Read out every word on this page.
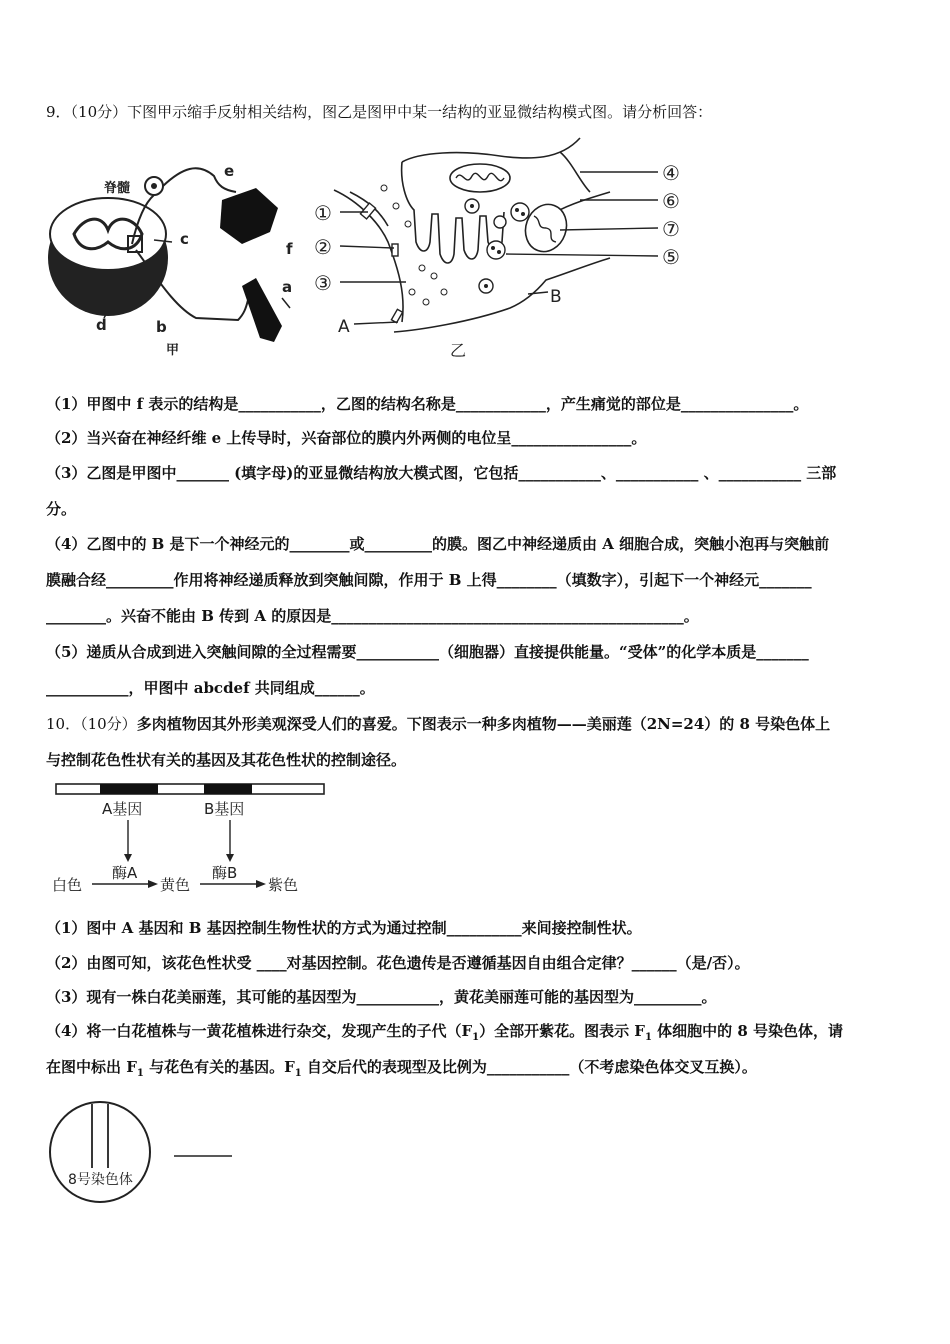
9．（10分）下图甲示缩手反射相关结构，图乙是图甲中某一结构的亚显微结构模式图。请分析回答：
脊髓
e
c
f
a
d	b
甲
①
②
③
④
⑥
⑦
⑤
A
B
乙
（1）甲图中 f 表示的结构是___________，乙图的结构名称是____________，产生痛觉的部位是_______________。
（2）当兴奋在神经纤维 e 上传导时，兴奋部位的膜内外两侧的电位呈________________。
（3）乙图是甲图中_______ (填字母)的亚显微结构放大模式图，它包括___________、___________ 、___________ 三部
分。
（4）乙图中的 B 是下一个神经元的________或_________的膜。图乙中神经递质由 A 细胞合成，突触小泡再与突触前
膜融合经_________作用将神经递质释放到突触间隙，作用于 B 上得________（填数字），引起下一个神经元_______
________。兴奋不能由 B 传到 A 的原因是_______________________________________________。
（5）递质从合成到进入突触间隙的全过程需要___________（细胞器）直接提供能量。“受体”的化学本质是_______
___________，甲图中 abcdef 共同组成______。
10．（10分）多肉植物因其外形美观深受人们的喜爱。下图表示一种多肉植物——美丽莲（2N=24）的 8 号染色体上
与控制花色性状有关的基因及其花色性状的控制途径。
A基因	B基因
酶A	酶B
白色	黄色	紫色
（1）图中 A 基因和 B 基因控制生物性状的方式为通过控制__________来间接控制性状。
（2）由图可知，该花色性状受 ____对基因控制。花色遗传是否遵循基因自由组合定律？______（是/否）。
（3）现有一株白花美丽莲，其可能的基因型为___________，黄花美丽莲可能的基因型为_________。
（4）将一白花植株与一黄花植株进行杂交，发现产生的子代$(F_1)$全部开紫花。图表示 $F_1$ 体细胞中的 8 号染色体，请
在图中标出 $F_1$ 与花色有关的基因。$F_1$ 自交后代的表现型及比例为___________（不考虑染色体交叉互换）。
8号染色体
